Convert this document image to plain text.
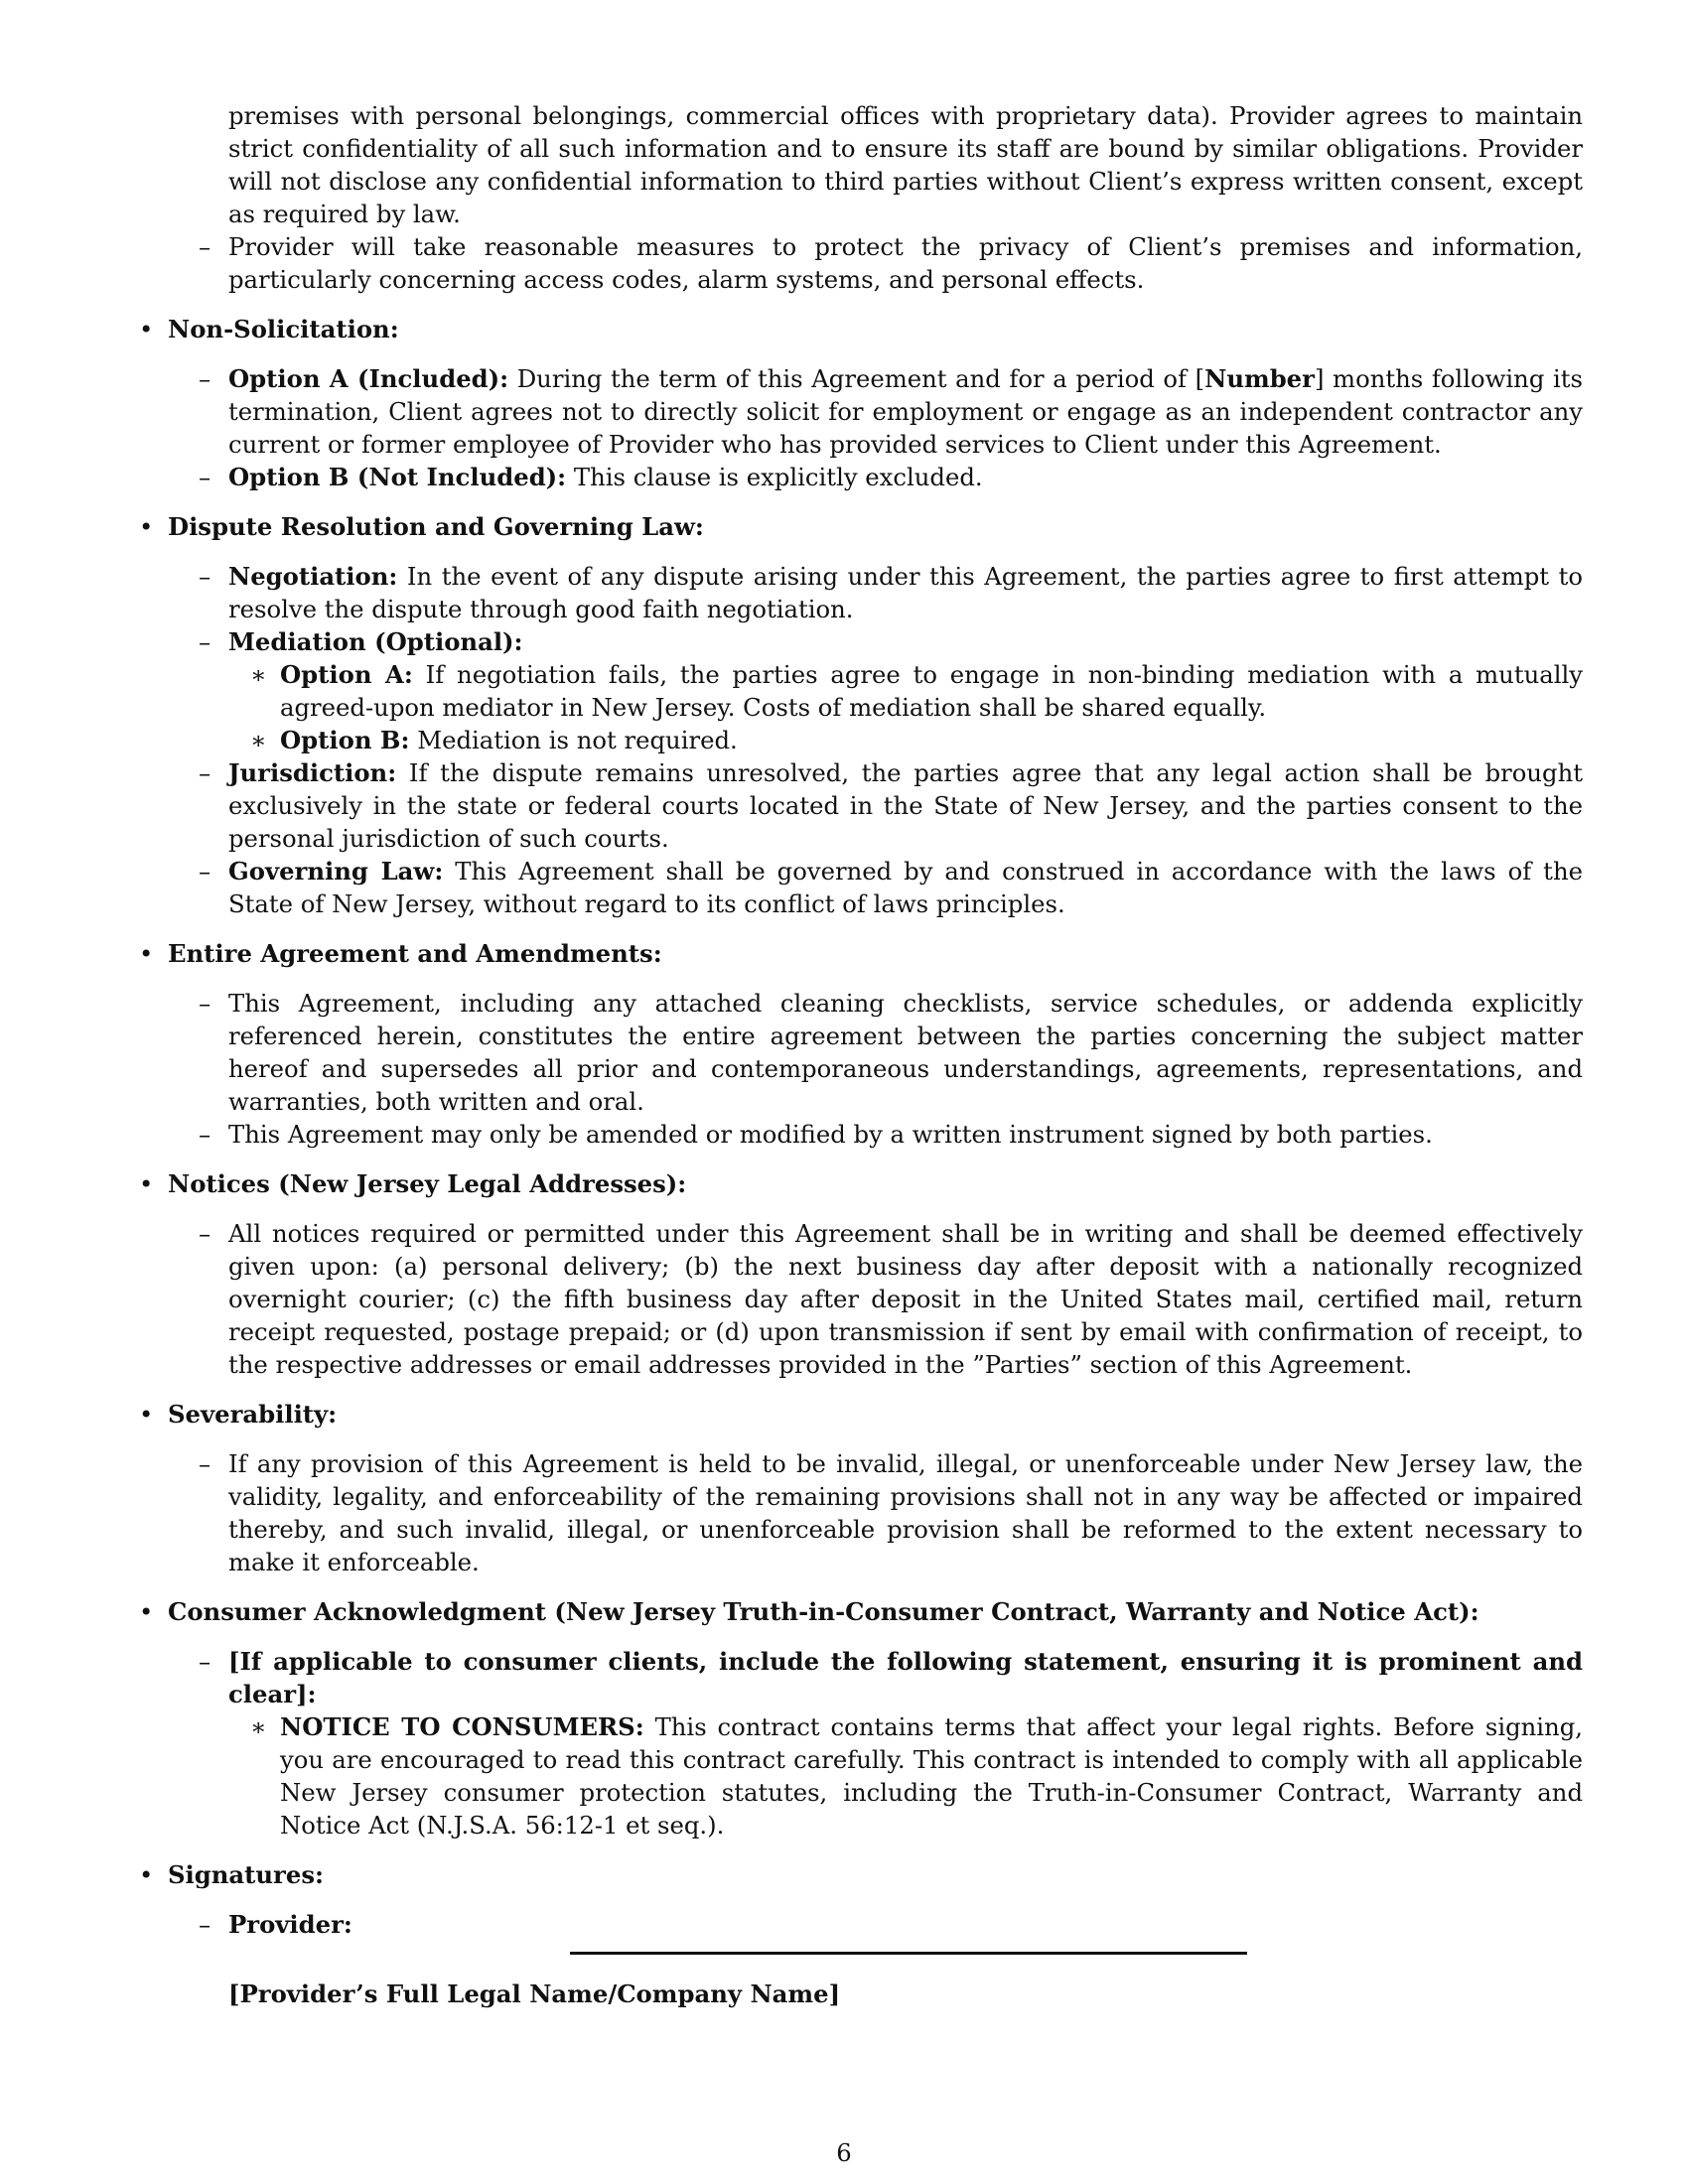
premises with personal belongings, commercial offices with proprietary data). Provider agrees to maintain strict confidentiality of all such information and to ensure its staff are bound by similar obligations. Provider will not disclose any confidential information to third parties without Client’s express written consent, except as required by law.

– Provider will take reasonable measures to protect the privacy of Client’s premises and information, particularly concerning access codes, alarm systems, and personal effects.

• Non-Solicitation:

– Option A (Included): During the term of this Agreement and for a period of [Number] months following its termination, Client agrees not to directly solicit for employment or engage as an independent contractor any current or former employee of Provider who has provided services to Client under this Agreement.

– Option B (Not Included): This clause is explicitly excluded.

• Dispute Resolution and Governing Law:

– Negotiation: In the event of any dispute arising under this Agreement, the parties agree to first attempt to resolve the dispute through good faith negotiation.

– Mediation (Optional):

∗ Option A: If negotiation fails, the parties agree to engage in non-binding mediation with a mutually agreed-upon mediator in New Jersey. Costs of mediation shall be shared equally.

∗ Option B: Mediation is not required.

– Jurisdiction: If the dispute remains unresolved, the parties agree that any legal action shall be brought exclusively in the state or federal courts located in the State of New Jersey, and the parties consent to the personal jurisdiction of such courts.

– Governing Law: This Agreement shall be governed by and construed in accordance with the laws of the State of New Jersey, without regard to its conflict of laws principles.

• Entire Agreement and Amendments:

– This Agreement, including any attached cleaning checklists, service schedules, or addenda explicitly referenced herein, constitutes the entire agreement between the parties concerning the subject matter hereof and supersedes all prior and contemporaneous understandings, agreements, representations, and warranties, both written and oral.

– This Agreement may only be amended or modified by a written instrument signed by both parties.

• Notices (New Jersey Legal Addresses):

– All notices required or permitted under this Agreement shall be in writing and shall be deemed effectively given upon: (a) personal delivery; (b) the next business day after deposit with a nationally recognized overnight courier; (c) the fifth business day after deposit in the United States mail, certified mail, return receipt requested, postage prepaid; or (d) upon transmission if sent by email with confirmation of receipt, to the respective addresses or email addresses provided in the ”Parties” section of this Agreement.

• Severability:

– If any provision of this Agreement is held to be invalid, illegal, or unenforceable under New Jersey law, the validity, legality, and enforceability of the remaining provisions shall not in any way be affected or impaired thereby, and such invalid, illegal, or unenforceable provision shall be reformed to the extent necessary to make it enforceable.

• Consumer Acknowledgment (New Jersey Truth-in-Consumer Contract, Warranty and Notice Act):

– [If applicable to consumer clients, include the following statement, ensuring it is prominent and clear]:

∗ NOTICE TO CONSUMERS: This contract contains terms that affect your legal rights. Before signing, you are encouraged to read this contract carefully. This contract is intended to comply with all applicable New Jersey consumer protection statutes, including the Truth-in-Consumer Contract, Warranty and Notice Act (N.J.S.A. 56:12-1 et seq.).

• Signatures:

– Provider:

[Provider’s Full Legal Name/Company Name]
6
